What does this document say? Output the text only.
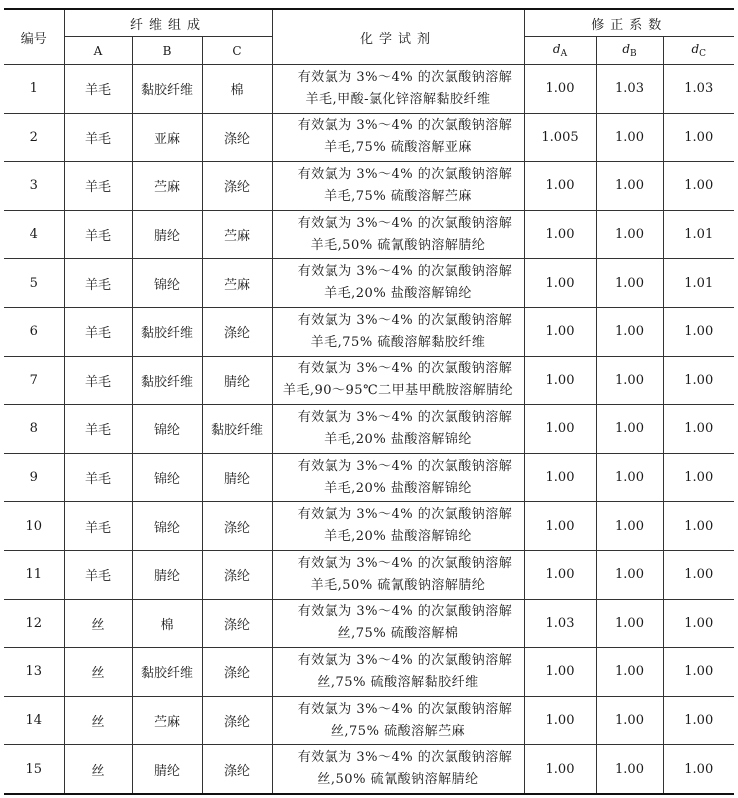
编号	纤维组成			化学试剂	修正系数		
	A	B	C		$d_A$	$d_B$	$d_C$
1	羊毛	黏胶纤维	棉	有效氯为 3%～4% 的次氯酸钠溶解
羊毛,甲酸-氯化锌溶解黏胶纤维	1.00	1.03	1.03
2	羊毛	亚麻	涤纶	有效氯为 3%～4% 的次氯酸钠溶解
羊毛,75% 硫酸溶解亚麻	1.005	1.00	1.00
3	羊毛	苎麻	涤纶	有效氯为 3%～4% 的次氯酸钠溶解
羊毛,75% 硫酸溶解苎麻	1.00	1.00	1.00
4	羊毛	腈纶	苎麻	有效氯为 3%～4% 的次氯酸钠溶解
羊毛,50% 硫氰酸钠溶解腈纶	1.00	1.00	1.01
5	羊毛	锦纶	苎麻	有效氯为 3%～4% 的次氯酸钠溶解
羊毛,20% 盐酸溶解锦纶	1.00	1.00	1.01
6	羊毛	黏胶纤维	涤纶	有效氯为 3%～4% 的次氯酸钠溶解
羊毛,75% 硫酸溶解黏胶纤维	1.00	1.00	1.00
7	羊毛	黏胶纤维	腈纶	有效氯为 3%～4% 的次氯酸钠溶解
羊毛,90～95℃二甲基甲酰胺溶解腈纶	1.00	1.00	1.00
8	羊毛	锦纶	黏胶纤维	有效氯为 3%～4% 的次氯酸钠溶解
羊毛,20% 盐酸溶解锦纶	1.00	1.00	1.00
9	羊毛	锦纶	腈纶	有效氯为 3%～4% 的次氯酸钠溶解
羊毛,20% 盐酸溶解锦纶	1.00	1.00	1.00
10	羊毛	锦纶	涤纶	有效氯为 3%～4% 的次氯酸钠溶解
羊毛,20% 盐酸溶解锦纶	1.00	1.00	1.00
11	羊毛	腈纶	涤纶	有效氯为 3%～4% 的次氯酸钠溶解
羊毛,50% 硫氰酸钠溶解腈纶	1.00	1.00	1.00
12	丝	棉	涤纶	有效氯为 3%～4% 的次氯酸钠溶解
丝,75% 硫酸溶解棉	1.03	1.00	1.00
13	丝	黏胶纤维	涤纶	有效氯为 3%～4% 的次氯酸钠溶解
丝,75% 硫酸溶解黏胶纤维	1.00	1.00	1.00
14	丝	苎麻	涤纶	有效氯为 3%～4% 的次氯酸钠溶解
丝,75% 硫酸溶解苎麻	1.00	1.00	1.00
15	丝	腈纶	涤纶	有效氯为 3%～4% 的次氯酸钠溶解
丝,50% 硫氰酸钠溶解腈纶	1.00	1.00	1.00
